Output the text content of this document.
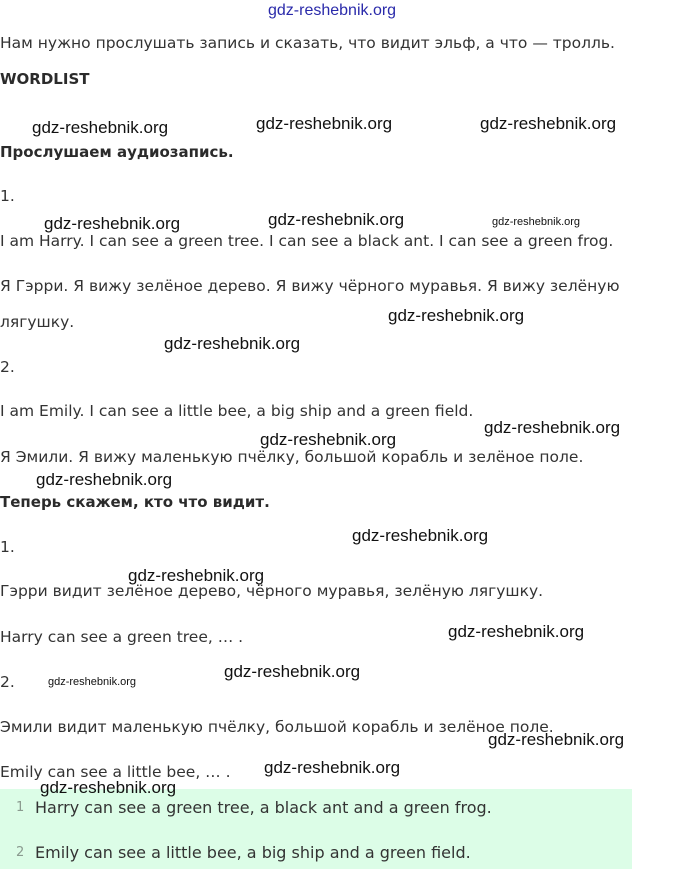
gdz-reshebnik.org
gdz-reshebnik.org	gdz-reshebnik.org	gdz-reshebnik.org
gdz-reshebnik.org	gdz-reshebnik.org	gdz-reshebnik.org
gdz-reshebnik.org
gdz-reshebnik.org
gdz-reshebnik.org
gdz-reshebnik.org
gdz-reshebnik.org
gdz-reshebnik.org
gdz-reshebnik.org
gdz-reshebnik.org
gdz-reshebnik.org
gdz-reshebnik.org
gdz-reshebnik.org
gdz-reshebnik.org
gdz-reshebnik.org
Нам нужно прослушать запись и сказать, что видит эльф, а что — тролль.
WORDLIST
Прослушаем аудиозапись.
1.
I am Harry. I can see a green tree. I can see a black ant. I can see a green frog.
Я Гэрри. Я вижу зелёное дерево. Я вижу чёрного муравья. Я вижу зелёную
лягушку.
2.
I am Emily. I can see a little bee, a big ship and a green field.
Я Эмили. Я вижу маленькую пчёлку, большой корабль и зелёное поле.
Теперь скажем, кто что видит.
1.
Гэрри видит зелёное дерево, чёрного муравья, зелёную лягушку.
Harry can see a green tree, … .
2.
Эмили видит маленькую пчёлку, большой корабль и зелёное поле.
Emily can see a little bee, … .
1 Harry can see a green tree, a black ant and a green frog.
2 Emily can see a little bee, a big ship and a green field.
